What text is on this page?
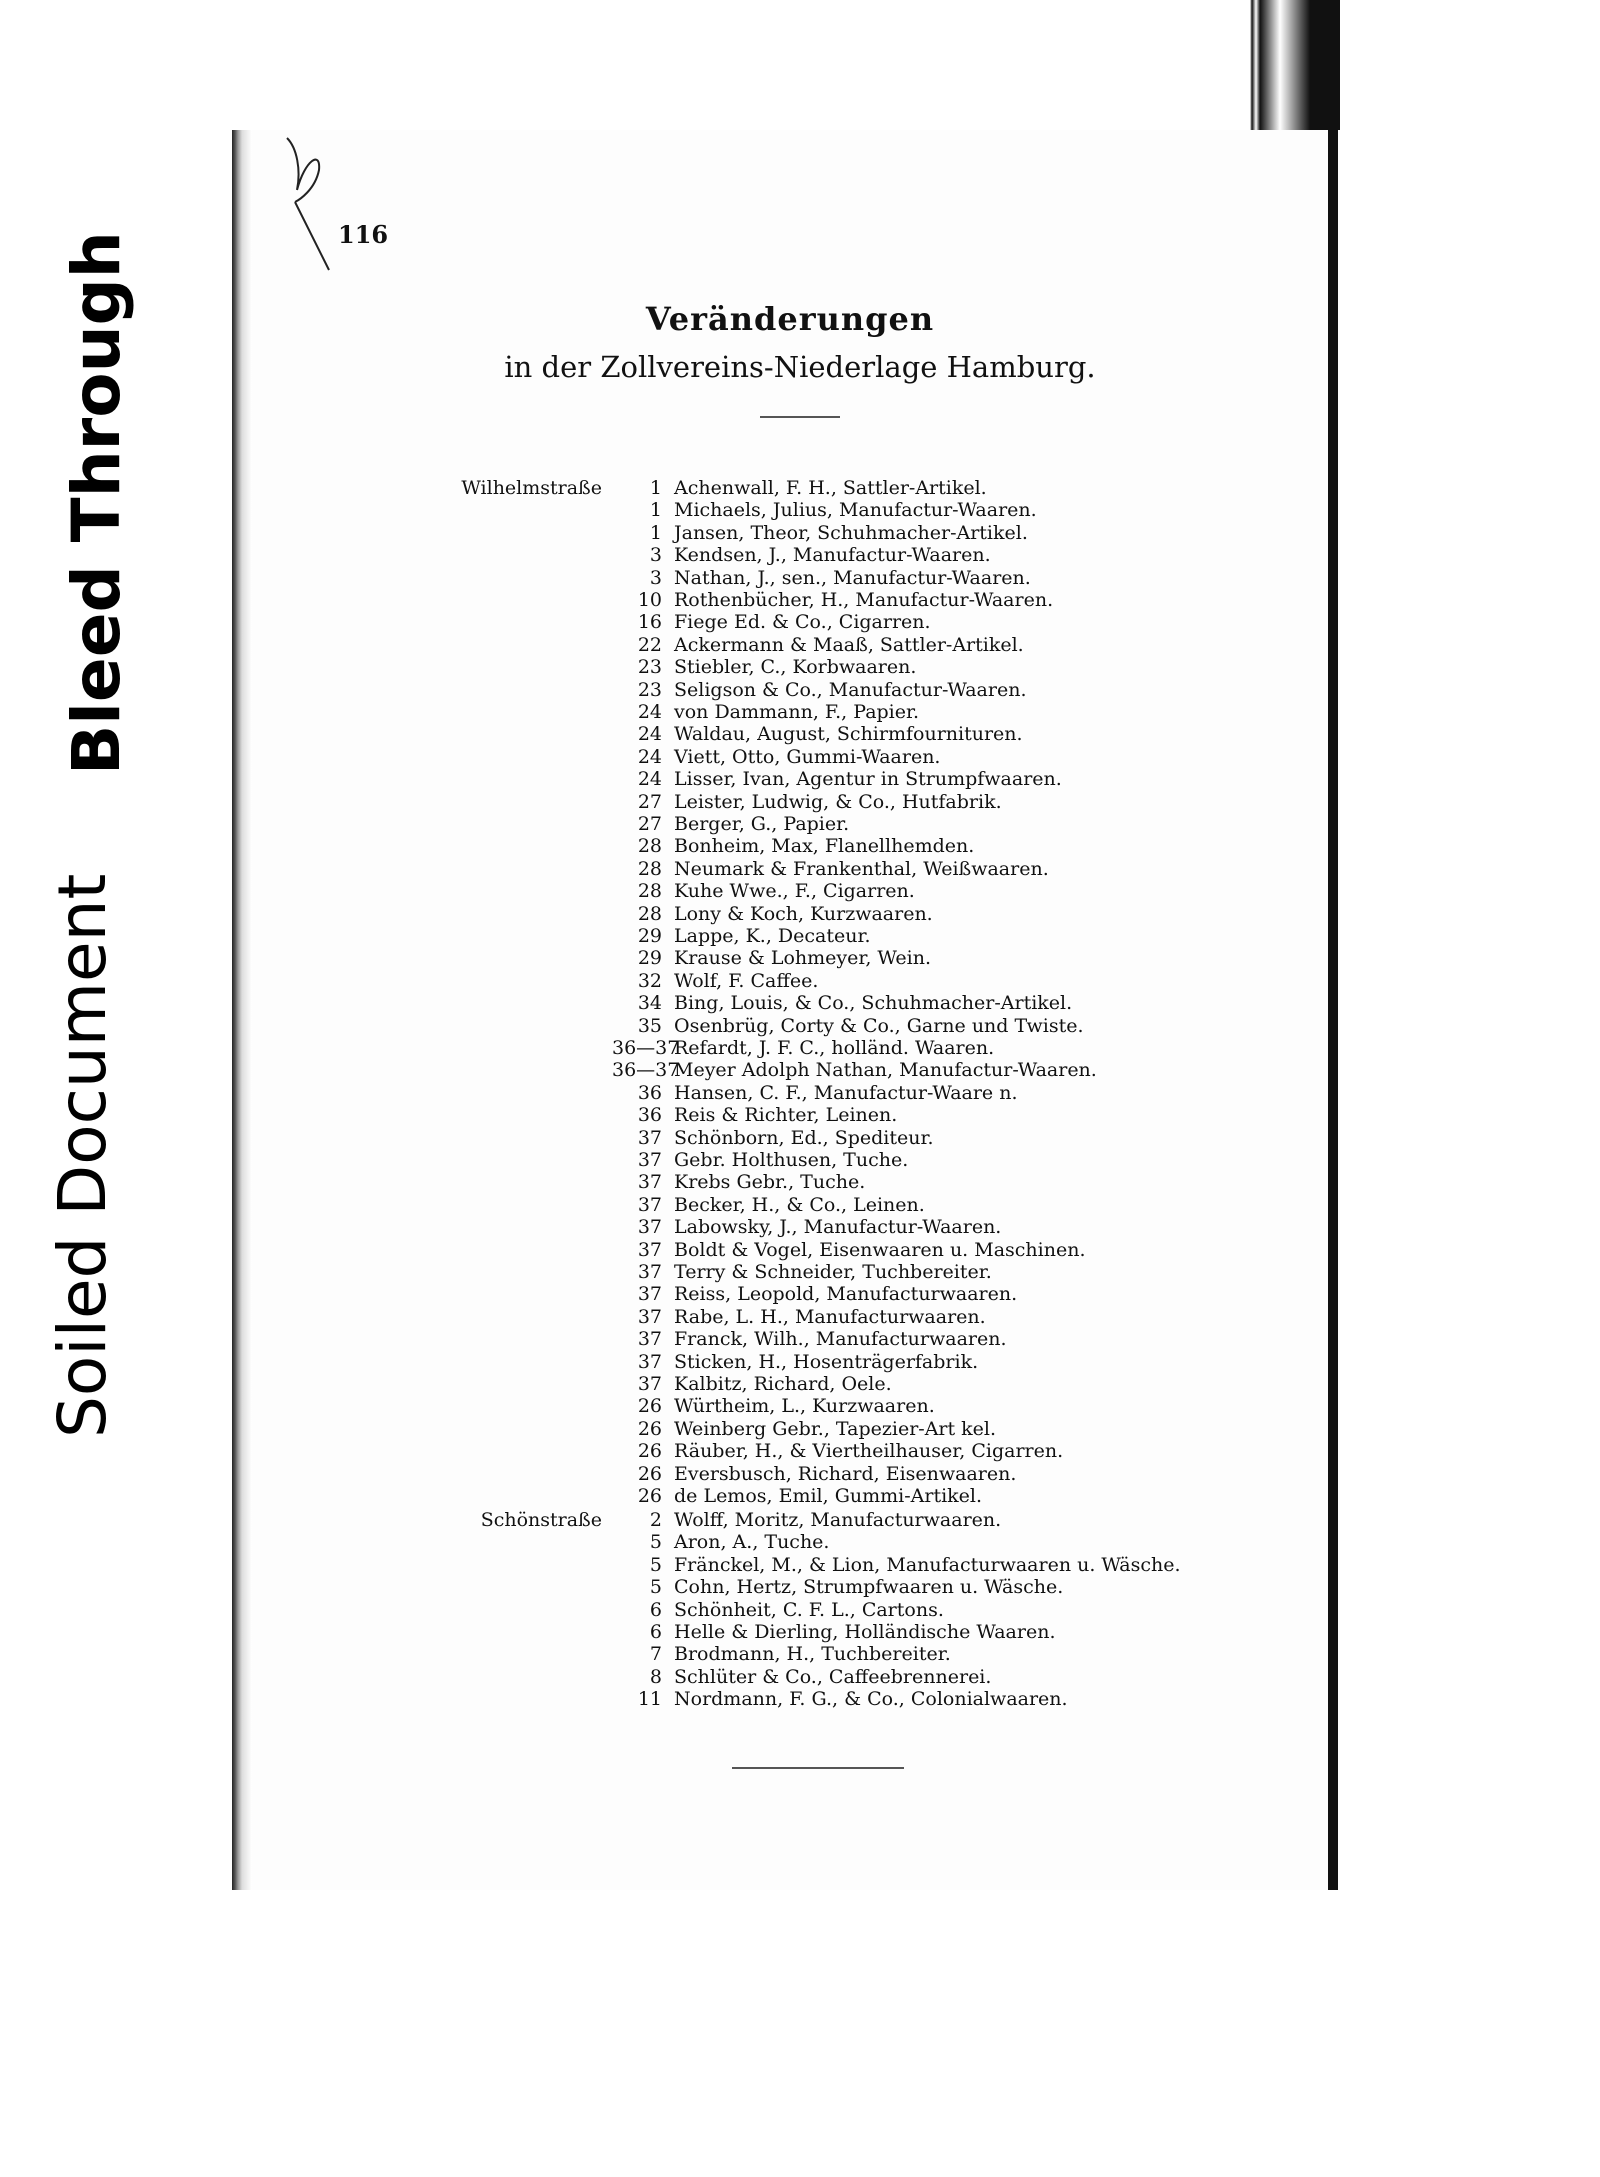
Bleed Through
Soiled Document
116
Veränderungen
in der Zollvereins-Niederlage Hamburg.
Wilhelmstraße	1 Achenwall, F. H., Sattler-Artikel.
1 Michaels, Julius, Manufactur-Waaren.
1 Jansen, Theor, Schuhmacher-Artikel.
3 Kendsen, J., Manufactur-Waaren.
3 Nathan, J., sen., Manufactur-Waaren.
10 Rothenbücher, H., Manufactur-Waaren.
16 Fiege Ed. & Co., Cigarren.
22 Ackermann & Maaß, Sattler-Artikel.
23 Stiebler, C., Korbwaaren.
23 Seligson & Co., Manufactur-Waaren.
24 von Dammann, F., Papier.
24 Waldau, August, Schirmfournituren.
24 Viett, Otto, Gummi-Waaren.
24 Lisser, Ivan, Agentur in Strumpfwaaren.
27 Leister, Ludwig, & Co., Hutfabrik.
27 Berger, G., Papier.
28 Bonheim, Max, Flanellhemden.
28 Neumark & Frankenthal, Weißwaaren.
28 Kuhe Wwe., F., Cigarren.
28 Lony & Koch, Kurzwaaren.
29 Lappe, K., Decateur.
29 Krause & Lohmeyer, Wein.
32 Wolf, F. Caffee.
34 Bing, Louis, & Co., Schuhmacher-Artikel.
35 Osenbrüg, Corty & Co., Garne und Twiste.
36—37Refardt, J. F. C., holländ. Waaren.
36—37Meyer Adolph Nathan, Manufactur-Waaren.
36 Hansen, C. F., Manufactur-Waare n.
36 Reis & Richter, Leinen.
37 Schönborn, Ed., Spediteur.
37 Gebr. Holthusen, Tuche.
37 Krebs Gebr., Tuche.
37 Becker, H., & Co., Leinen.
37 Labowsky, J., Manufactur-Waaren.
37 Boldt & Vogel, Eisenwaaren u. Maschinen.
37 Terry & Schneider, Tuchbereiter.
37 Reiss, Leopold, Manufacturwaaren.
37 Rabe, L. H., Manufacturwaaren.
37 Franck, Wilh., Manufacturwaaren.
37 Sticken, H., Hosenträgerfabrik.
37 Kalbitz, Richard, Oele.
26 Würtheim, L., Kurzwaaren.
26 Weinberg Gebr., Tapezier-Art kel.
26 Räuber, H., & Viertheilhauser, Cigarren.
26 Eversbusch, Richard, Eisenwaaren.
26 de Lemos, Emil, Gummi-Artikel.
Schönstraße	2 Wolff, Moritz, Manufacturwaaren.
5 Aron, A., Tuche.
5 Fränckel, M., & Lion, Manufacturwaaren u. Wäsche.
5 Cohn, Hertz, Strumpfwaaren u. Wäsche.
6 Schönheit, C. F. L., Cartons.
6 Helle & Dierling, Holländische Waaren.
7 Brodmann, H., Tuchbereiter.
8 Schlüter & Co., Caffeebrennerei.
11 Nordmann, F. G., & Co., Colonialwaaren.
